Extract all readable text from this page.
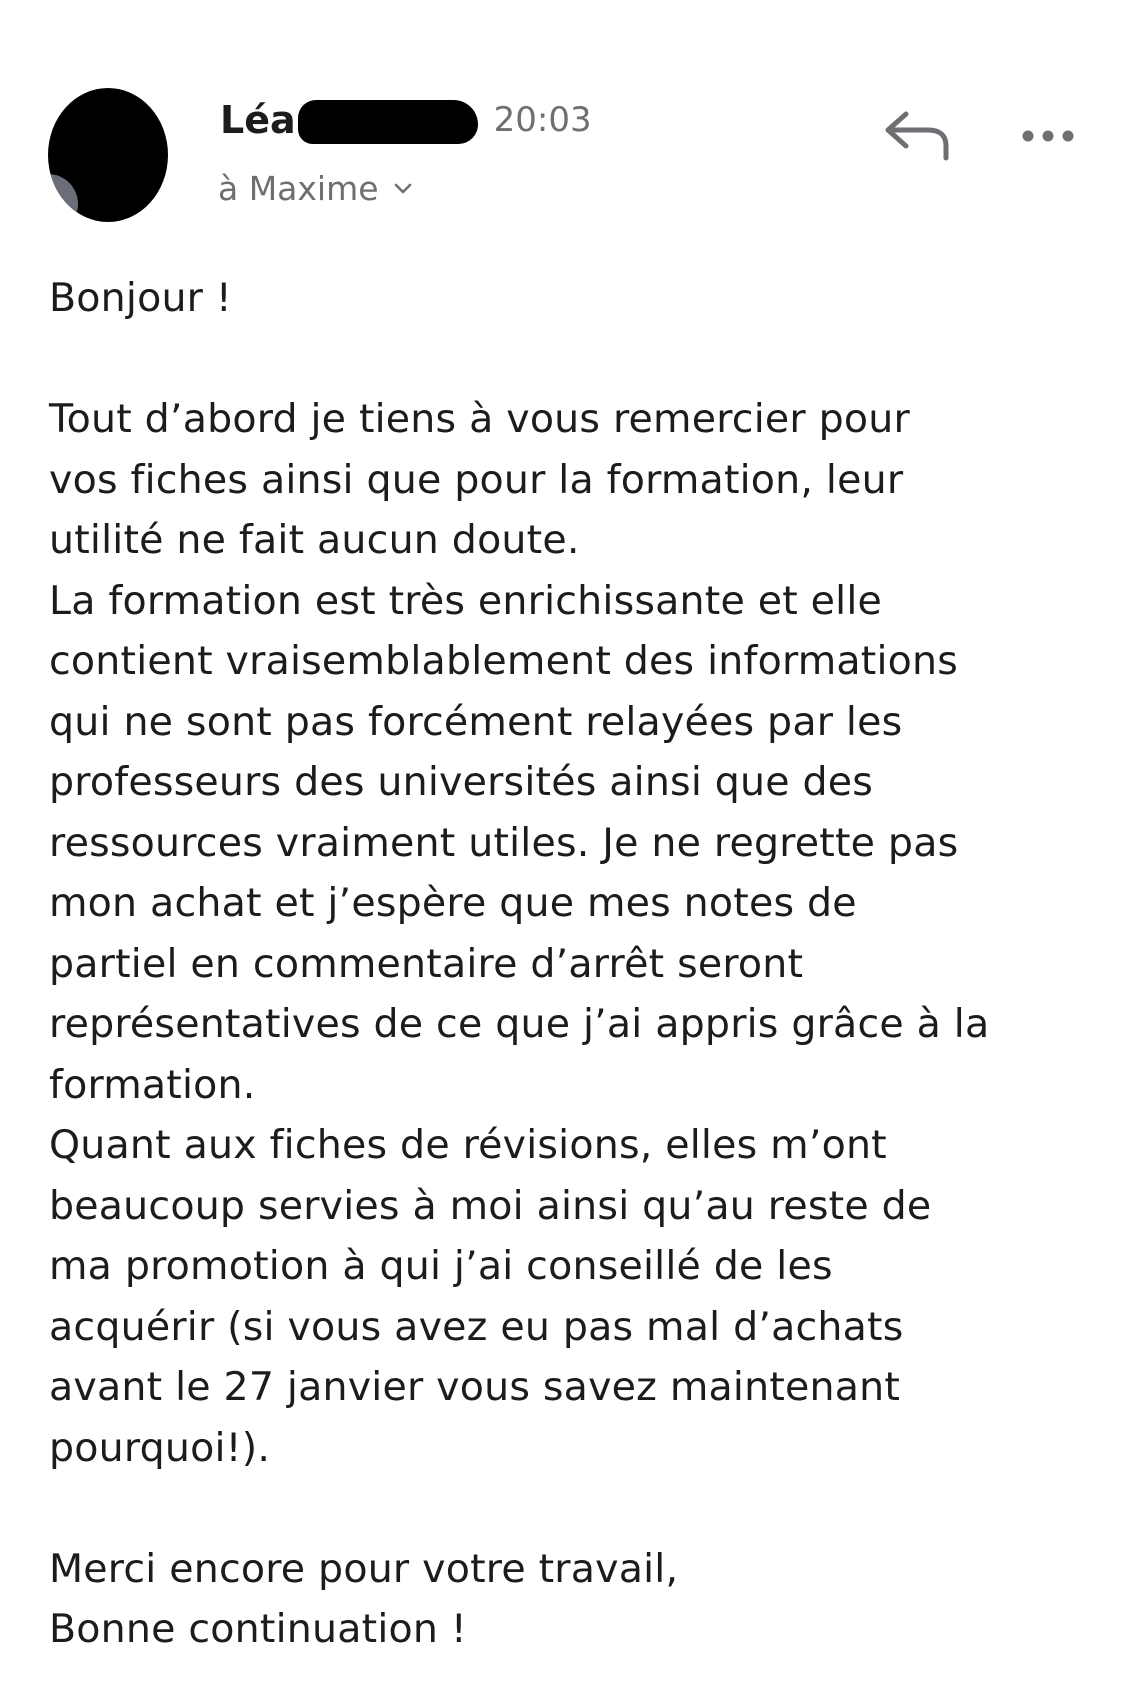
Léa	20:03
à Maxime

Bonjour !

Tout d’abord je tiens à vous remercier pour
vos fiches ainsi que pour la formation, leur
utilité ne fait aucun doute.
La formation est très enrichissante et elle
contient vraisemblablement des informations
qui ne sont pas forcément relayées par les
professeurs des universités ainsi que des
ressources vraiment utiles. Je ne regrette pas
mon achat et j’espère que mes notes de
partiel en commentaire d’arrêt seront
représentatives de ce que j’ai appris grâce à la
formation.
Quant aux fiches de révisions, elles m’ont
beaucoup servies à moi ainsi qu’au reste de
ma promotion à qui j’ai conseillé de les
acquérir (si vous avez eu pas mal d’achats
avant le 27 janvier vous savez maintenant
pourquoi!).

Merci encore pour votre travail,

Bonne continuation !
